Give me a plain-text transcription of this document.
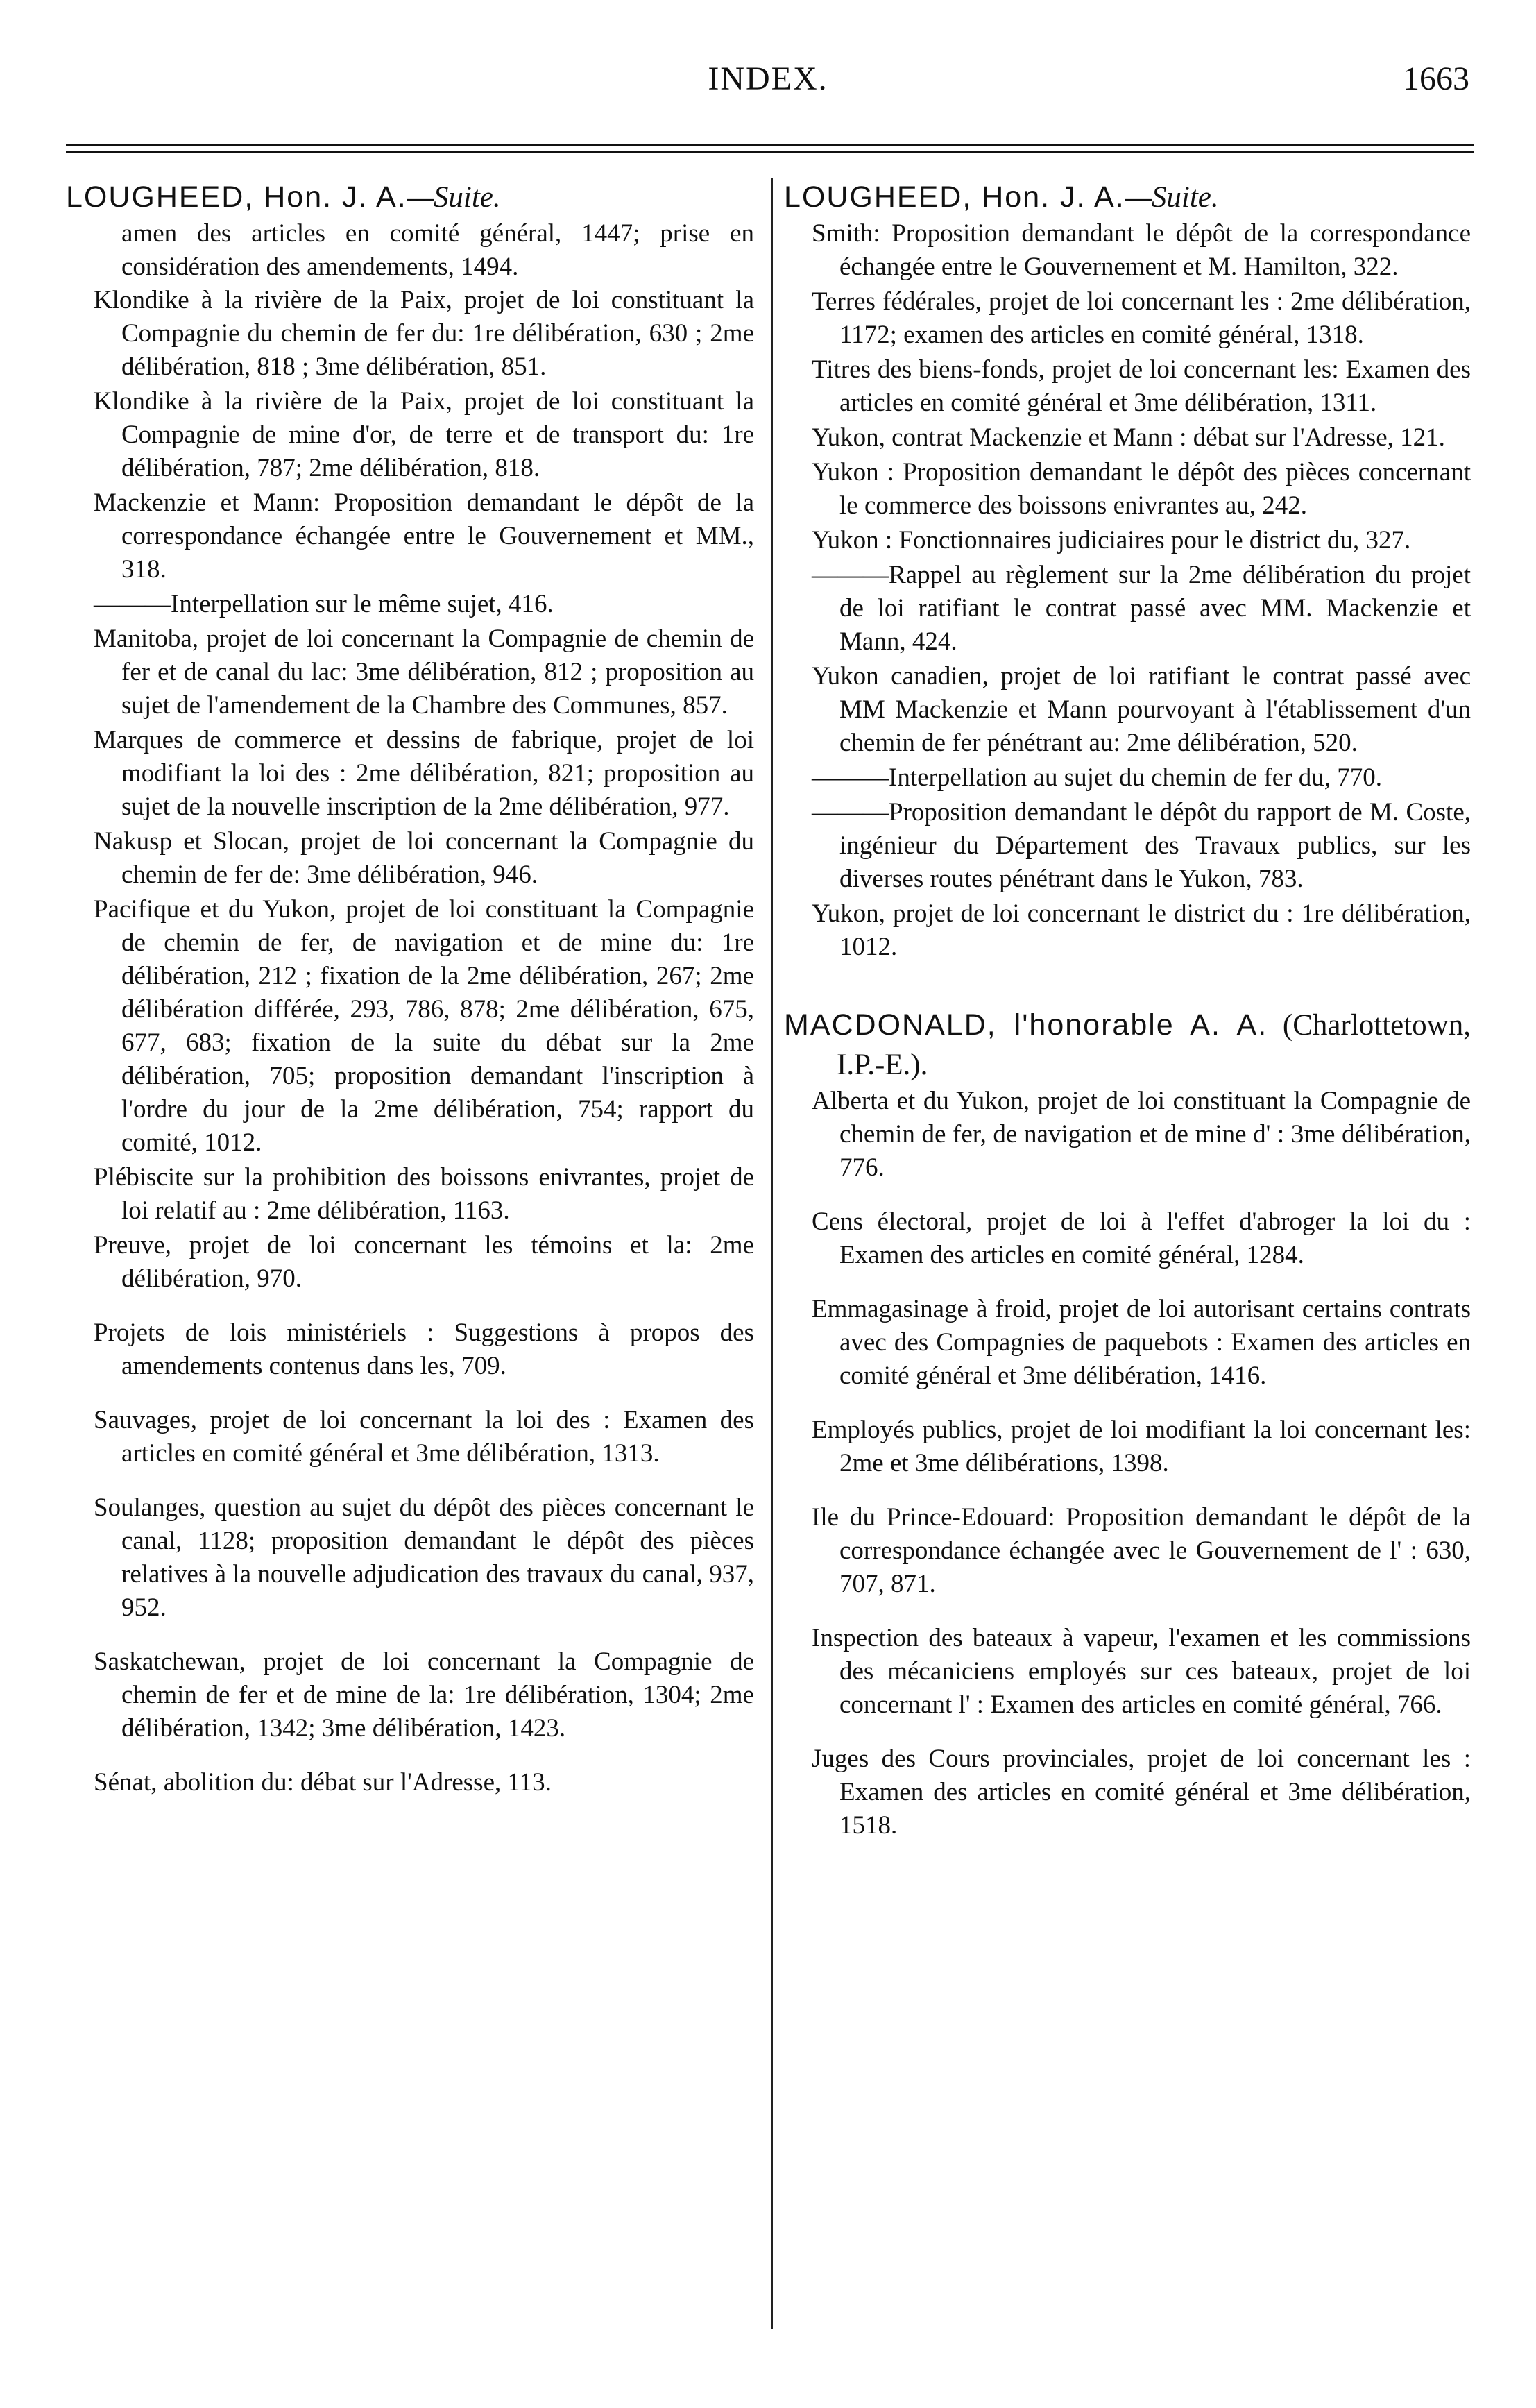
INDEX.	1663
LOUGHEED, Hon. J. A.—Suite.
amen des articles en comité général, 1447; prise en considération des amendements, 1494.
Klondike à la rivière de la Paix, projet de loi constituant la Compagnie du chemin de fer du: 1re délibération, 630 ; 2me délibération, 818 ; 3me délibération, 851.
Klondike à la rivière de la Paix, projet de loi constituant la Compagnie de mine d'or, de terre et de transport du: 1re délibération, 787; 2me délibération, 818.
Mackenzie et Mann: Proposition demandant le dépôt de la correspondance échangée entre le Gouvernement et MM., 318.
———Interpellation sur le même sujet, 416.
Manitoba, projet de loi concernant la Compagnie de chemin de fer et de canal du lac: 3me délibération, 812 ; proposition au sujet de l'amendement de la Chambre des Communes, 857.
Marques de commerce et dessins de fabrique, projet de loi modifiant la loi des : 2me délibération, 821; proposition au sujet de la nouvelle inscription de la 2me délibération, 977.
Nakusp et Slocan, projet de loi concernant la Compagnie du chemin de fer de: 3me délibération, 946.
Pacifique et du Yukon, projet de loi constituant la Compagnie de chemin de fer, de navigation et de mine du: 1re délibération, 212 ; fixation de la 2me délibération, 267; 2me délibération différée, 293, 786, 878; 2me délibération, 675, 677, 683; fixation de la suite du débat sur la 2me délibération, 705; proposition demandant l'inscription à l'ordre du jour de la 2me délibération, 754; rapport du comité, 1012.
Plébiscite sur la prohibition des boissons enivrantes, projet de loi relatif au : 2me délibération, 1163.
Preuve, projet de loi concernant les témoins et la: 2me délibération, 970.
Projets de lois ministériels : Suggestions à propos des amendements contenus dans les, 709.
Sauvages, projet de loi concernant la loi des : Examen des articles en comité général et 3me délibération, 1313.
Soulanges, question au sujet du dépôt des pièces concernant le canal, 1128; proposition demandant le dépôt des pièces relatives à la nouvelle adjudication des travaux du canal, 937, 952.
Saskatchewan, projet de loi concernant la Compagnie de chemin de fer et de mine de la: 1re délibération, 1304; 2me délibération, 1342; 3me délibération, 1423.
Sénat, abolition du: débat sur l'Adresse, 113.
LOUGHEED, Hon. J. A.—Suite.
Smith: Proposition demandant le dépôt de la correspondance échangée entre le Gouvernement et M. Hamilton, 322.
Terres fédérales, projet de loi concernant les : 2me délibération, 1172; examen des articles en comité général, 1318.
Titres des biens-fonds, projet de loi concernant les: Examen des articles en comité général et 3me délibération, 1311.
Yukon, contrat Mackenzie et Mann : débat sur l'Adresse, 121.
Yukon : Proposition demandant le dépôt des pièces concernant le commerce des boissons enivrantes au, 242.
Yukon : Fonctionnaires judiciaires pour le district du, 327.
———Rappel au règlement sur la 2me délibération du projet de loi ratifiant le contrat passé avec MM. Mackenzie et Mann, 424.
Yukon canadien, projet de loi ratifiant le contrat passé avec MM Mackenzie et Mann pourvoyant à l'établissement d'un chemin de fer pénétrant au: 2me délibération, 520.
———Interpellation au sujet du chemin de fer du, 770.
———Proposition demandant le dépôt du rapport de M. Coste, ingénieur du Département des Travaux publics, sur les diverses routes pénétrant dans le Yukon, 783.
Yukon, projet de loi concernant le district du : 1re délibération, 1012.
MACDONALD, l'honorable A. A. (Charlottetown, I.P.-E.).
Alberta et du Yukon, projet de loi constituant la Compagnie de chemin de fer, de navigation et de mine d' : 3me délibération, 776.
Cens électoral, projet de loi à l'effet d'abroger la loi du : Examen des articles en comité général, 1284.
Emmagasinage à froid, projet de loi autorisant certains contrats avec des Compagnies de paquebots : Examen des articles en comité général et 3me délibération, 1416.
Employés publics, projet de loi modifiant la loi concernant les: 2me et 3me délibérations, 1398.
Ile du Prince-Edouard: Proposition demandant le dépôt de la correspondance échangée avec le Gouvernement de l' : 630, 707, 871.
Inspection des bateaux à vapeur, l'examen et les commissions des mécaniciens employés sur ces bateaux, projet de loi concernant l' : Examen des articles en comité général, 766.
Juges des Cours provinciales, projet de loi concernant les : Examen des articles en comité général et 3me délibération, 1518.
